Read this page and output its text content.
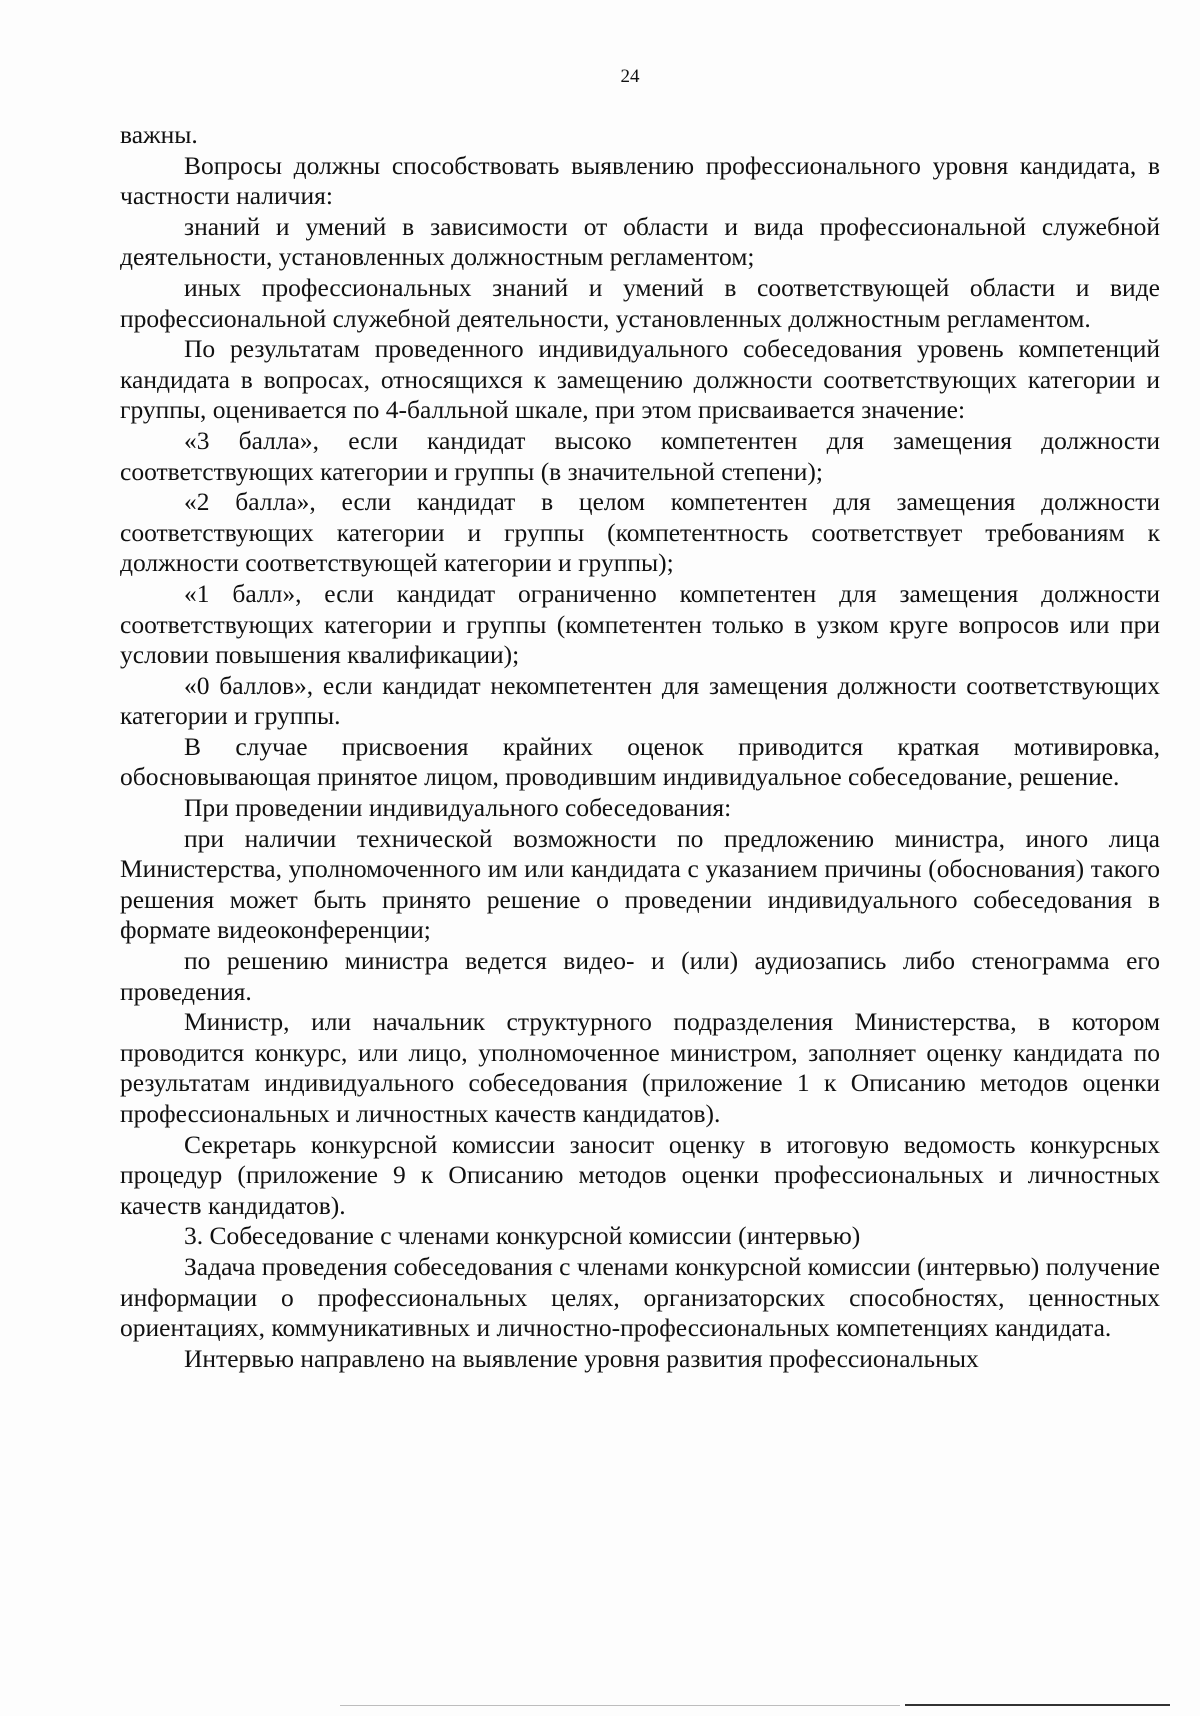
24

важны.

Вопросы должны способствовать выявлению профессионального уровня кандидата, в частности наличия:

знаний и умений в зависимости от области и вида профессиональной служебной деятельности, установленных должностным регламентом;

иных профессиональных знаний и умений в соответствующей области и виде профессиональной служебной деятельности, установленных должностным регламентом.

По результатам проведенного индивидуального собеседования уровень компетенций кандидата в вопросах, относящихся к замещению должности соответствующих категории и группы, оценивается по 4-балльной шкале, при этом присваивается значение:

«3 балла», если кандидат высоко компетентен для замещения должности соответствующих категории и группы (в значительной степени);

«2 балла», если кандидат в целом компетентен для замещения должности соответствующих категории и группы (компетентность соответствует требованиям к должности соответствующей категории и группы);

«1 балл», если кандидат ограниченно компетентен для замещения должности соответствующих категории и группы (компетентен только в узком круге вопросов или при условии повышения квалификации);

«0 баллов», если кандидат некомпетентен для замещения должности соответствующих категории и группы.

В случае присвоения крайних оценок приводится краткая мотивировка, обосновывающая принятое лицом, проводившим индивидуальное собеседование, решение.

При проведении индивидуального собеседования:

при наличии технической возможности по предложению министра, иного лица Министерства, уполномоченного им или кандидата с указанием причины (обоснования) такого решения может быть принято решение о проведении индивидуального собеседования в формате видеоконференции;

по решению министра ведется видео- и (или) аудиозапись либо стенограмма его проведения.

Министр, или начальник структурного подразделения Министерства, в котором проводится конкурс, или лицо, уполномоченное министром, заполняет оценку кандидата по результатам индивидуального собеседования (приложение 1 к Описанию методов оценки профессиональных и личностных качеств кандидатов).

Секретарь конкурсной комиссии заносит оценку в итоговую ведомость конкурсных процедур (приложение 9 к Описанию методов оценки профессиональных и личностных качеств кандидатов).

3. Собеседование с членами конкурсной комиссии (интервью)

Задача проведения собеседования с членами конкурсной комиссии (интервью) получение информации о профессиональных целях, организаторских способностях, ценностных ориентациях, коммуникативных и личностно-профессиональных компетенциях кандидата.

Интервью направлено на выявление уровня развития профессиональных
